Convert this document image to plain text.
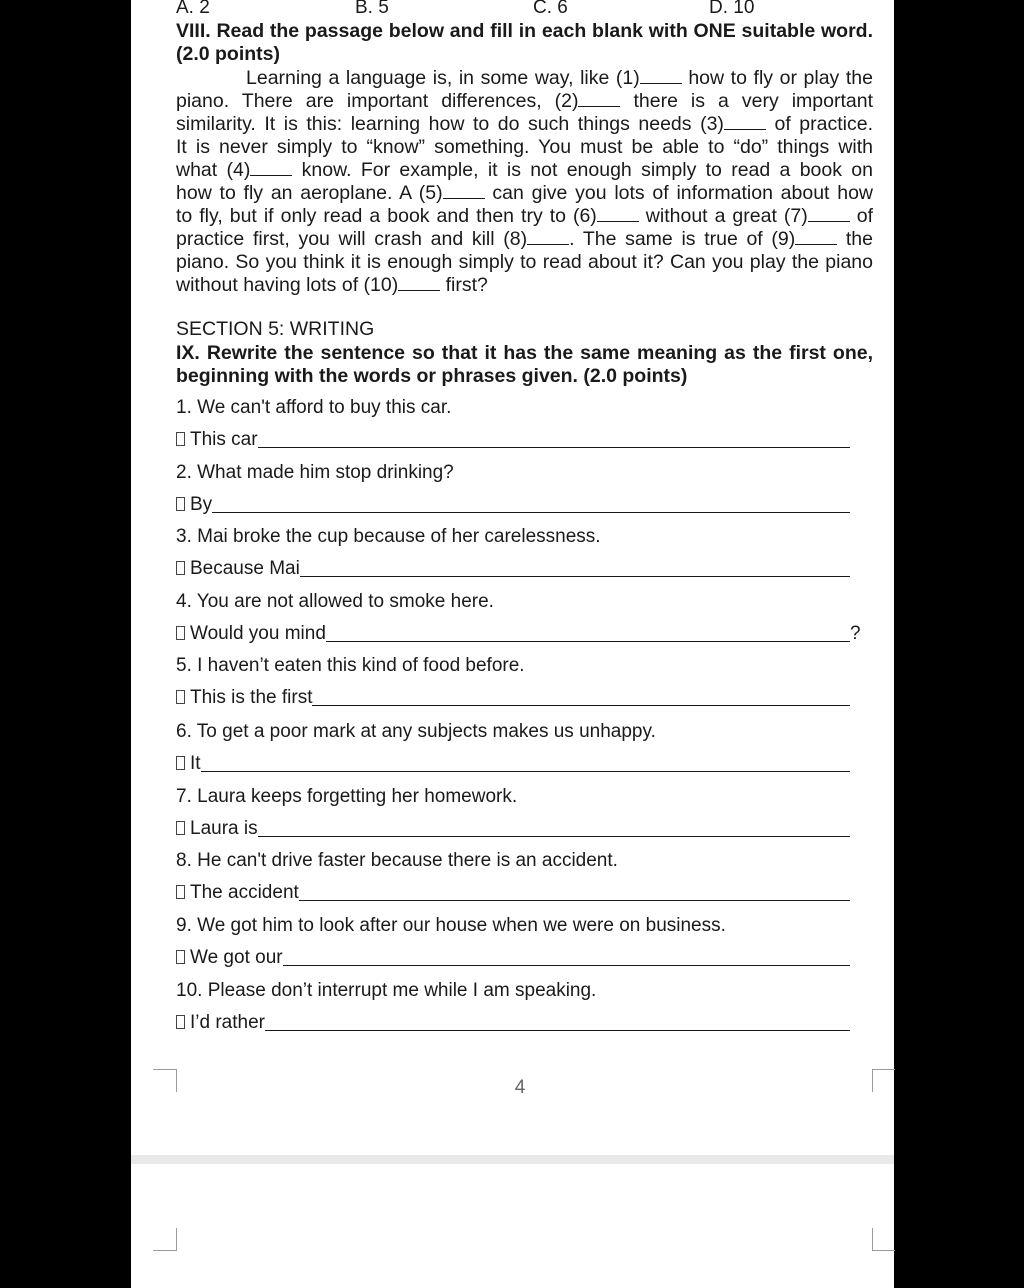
A. 2	B. 5	C. 6	D. 10
VIII. Read the passage below and fill in each blank with ONE suitable word.
(2.0 points)
Learning a language is, in some way, like (1) how to fly or play the
piano. There are important differences, (2) there is a very important
similarity. It is this: learning how to do such things needs (3) of practice.
It is never simply to “know” something. You must be able to “do” things with
what (4) know. For example, it is not enough simply to read a book on
how to fly an aeroplane. A (5) can give you lots of information about how
to fly, but if only read a book and then try to (6) without a great (7) of
practice first, you will crash and kill (8) . The same is true of (9) the
piano. So you think it is enough simply to read about it? Can you play the piano
without having lots of (10) first?
SECTION 5: WRITING
IX. Rewrite the sentence so that it has the same meaning as the first one,
beginning with the words or phrases given. (2.0 points)
1. We can't afford to buy this car.
This car
2. What made him stop drinking?
By
3. Mai broke the cup because of her carelessness.
Because Mai
4. You are not allowed to smoke here.
Would you mind	?
5. I haven’t eaten this kind of food before.
This is the first
6. To get a poor mark at any subjects makes us unhappy.
It
7. Laura keeps forgetting her homework.
Laura is
8. He can't drive faster because there is an accident.
The accident
9. We got him to look after our house when we were on business.
We got our
10. Please don’t interrupt me while I am speaking.
I’d rather
4
